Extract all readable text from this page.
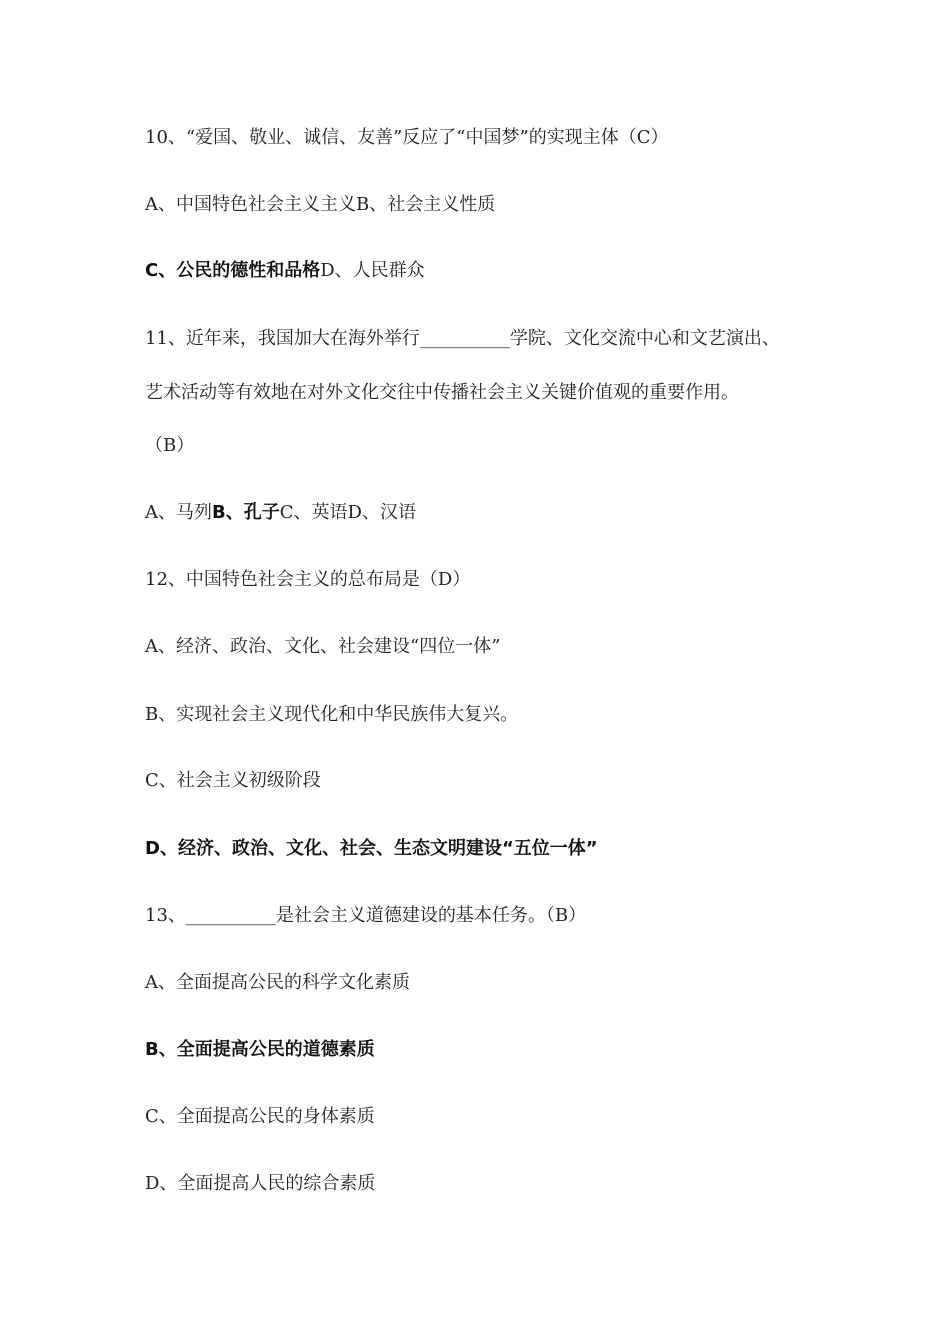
10、“爱国、敬业、诚信、友善”反应了“中国梦”的实现主体（C）
A、中国特色社会主义主义B、社会主义性质
C、公民的德性和品格D、人民群众
11、近年来，我国加大在海外举行__________学院、文化交流中心和文艺演出、
艺术活动等有效地在对外文化交往中传播社会主义关键价值观的重要作用。
（B）
A、马列B、孔子C、英语D、汉语
12、中国特色社会主义的总布局是（D）
A、经济、政治、文化、社会建设“四位一体”
B、实现社会主义现代化和中华民族伟大复兴。
C、社会主义初级阶段
D、经济、政治、文化、社会、生态文明建设“五位一体”
13、__________是社会主义道德建设的基本任务。（B）
A、全面提高公民的科学文化素质
B、全面提高公民的道德素质
C、全面提高公民的身体素质
D、全面提高人民的综合素质
